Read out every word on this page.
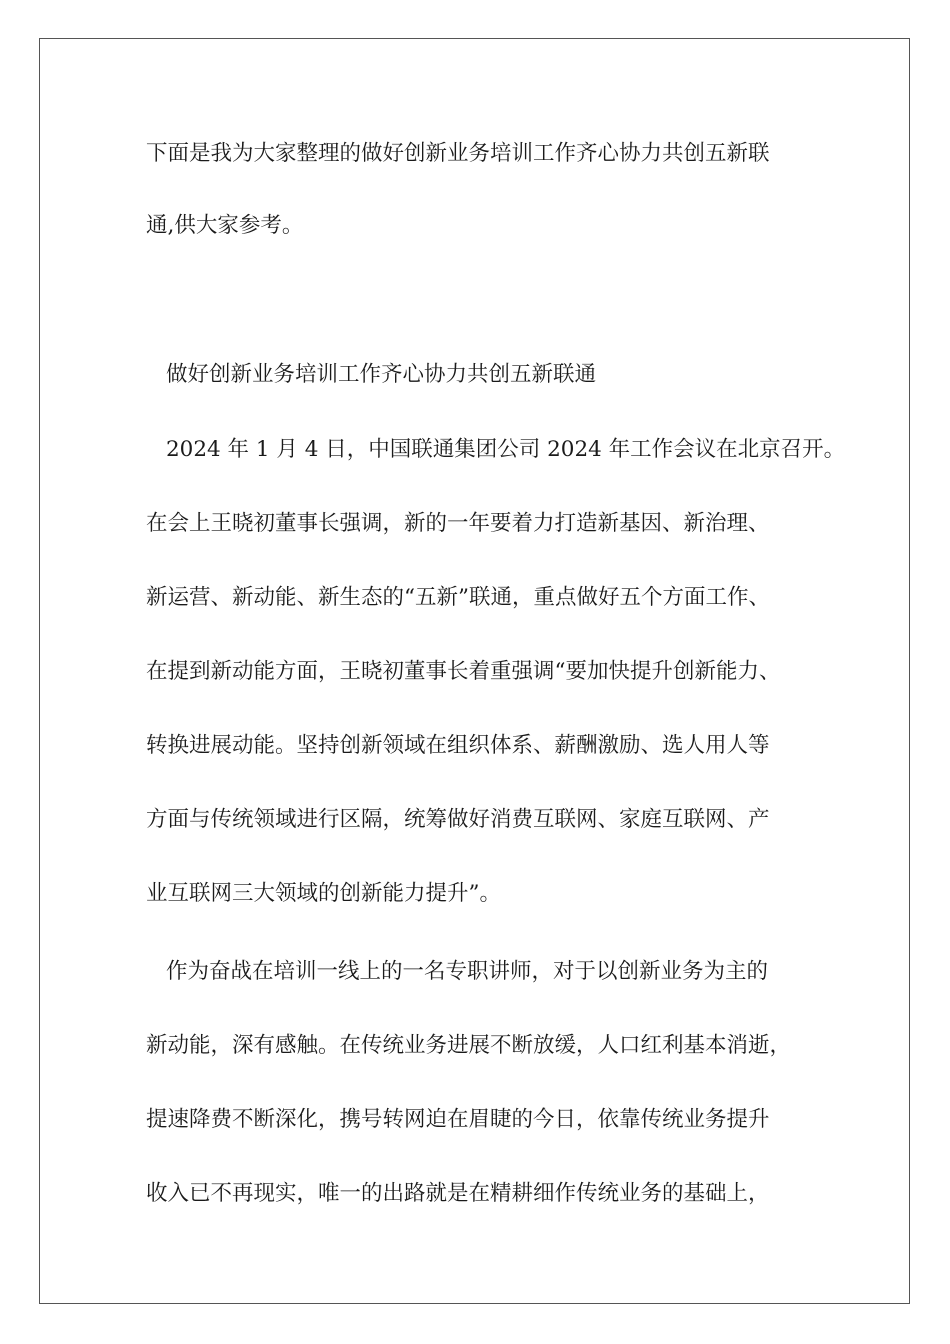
下面是我为大家整理的做好创新业务培训工作齐心协力共创五新联
通,供大家参考。
做好创新业务培训工作齐心协力共创五新联通
2024 年 1 月 4 日，中国联通集团公司 2024 年工作会议在北京召开。
在会上王晓初董事长强调，新的一年要着力打造新基因、新治理、
新运营、新动能、新生态的“五新”联通，重点做好五个方面工作、
在提到新动能方面，王晓初董事长着重强调“要加快提升创新能力、
转换进展动能。坚持创新领域在组织体系、薪酬激励、选人用人等
方面与传统领域进行区隔，统筹做好消费互联网、家庭互联网、产
业互联网三大领域的创新能力提升”。
作为奋战在培训一线上的一名专职讲师，对于以创新业务为主的
新动能，深有感触。在传统业务进展不断放缓，人口红利基本消逝，
提速降费不断深化，携号转网迫在眉睫的今日，依靠传统业务提升
收入已不再现实，唯一的出路就是在精耕细作传统业务的基础上，
